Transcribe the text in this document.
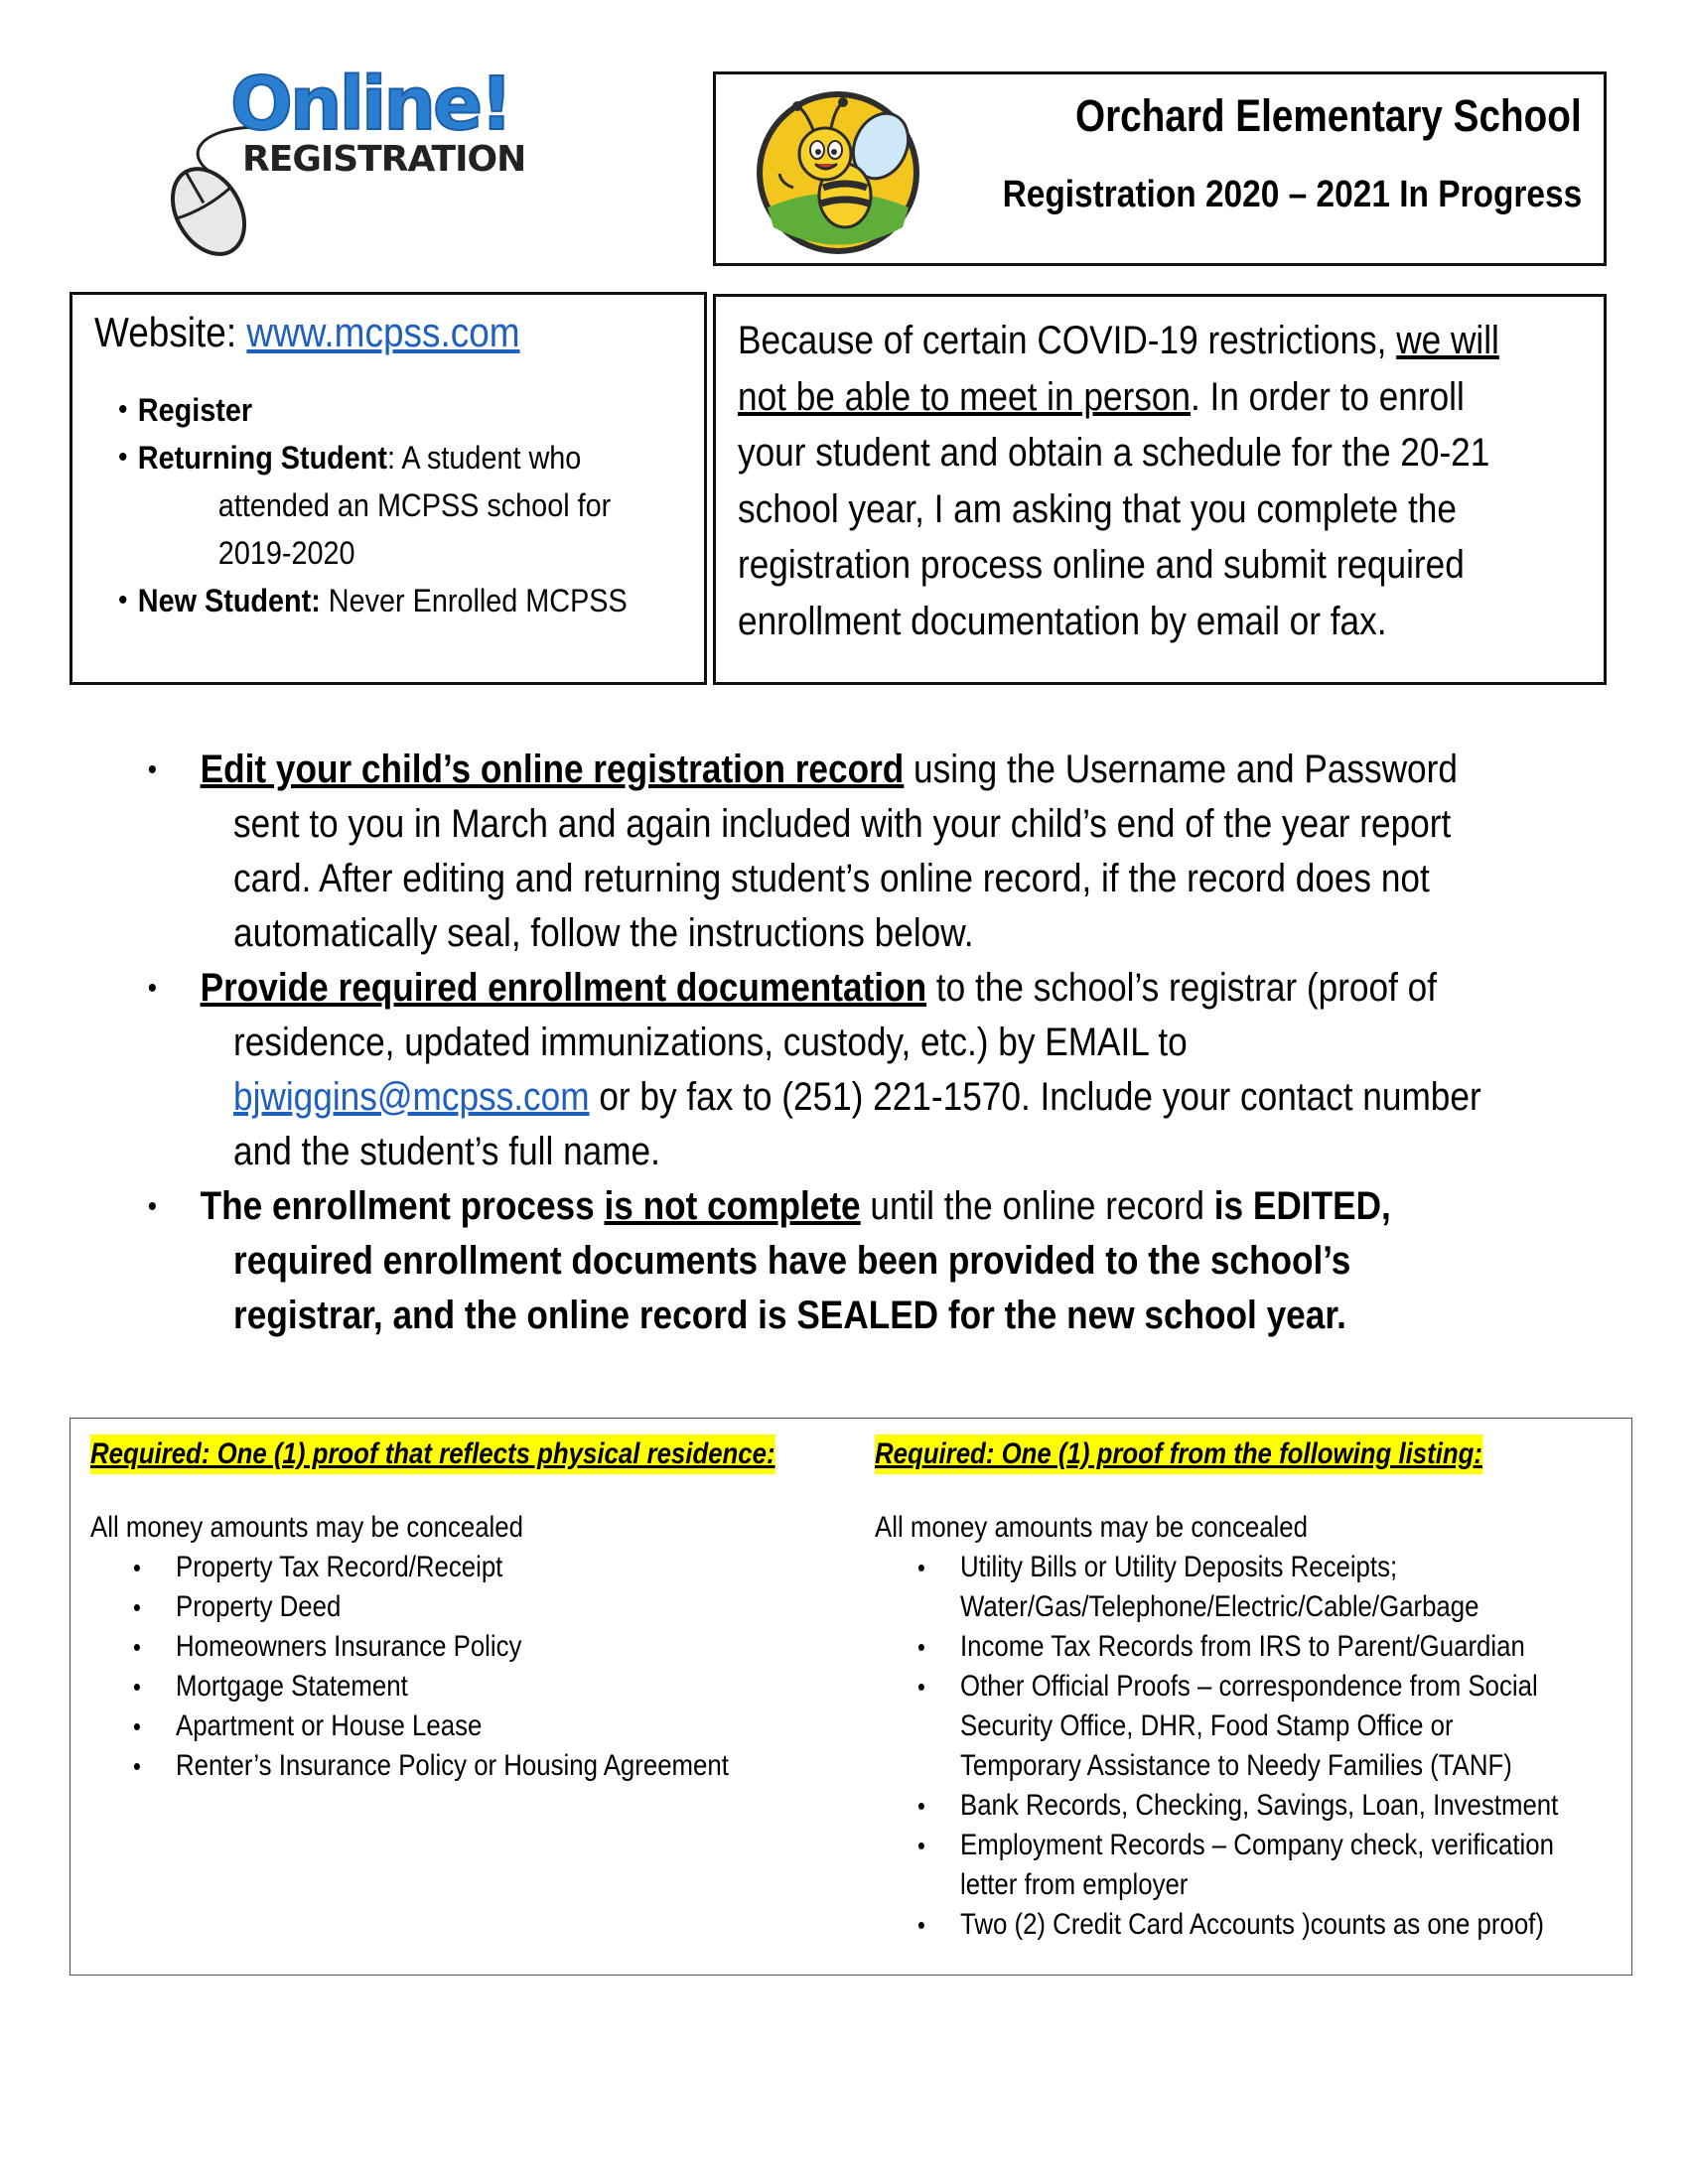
Online!
REGISTRATION
Orchard Elementary School
Registration 2020 – 2021 In Progress
Website: www.mcpss.com
• Register
• Returning Student: A student who
attended an MCPSS school for
2019-2020
• New Student: Never Enrolled MCPSS
Because of certain COVID-19 restrictions, we will
not be able to meet in person. In order to enroll
your student and obtain a schedule for the 20-21
school year, I am asking that you complete the
registration process online and submit required
enrollment documentation by email or fax.
• Edit your child’s online registration record using the Username and Password
sent to you in March and again included with your child’s end of the year report
card. After editing and returning student’s online record, if the record does not
automatically seal, follow the instructions below.
• Provide required enrollment documentation to the school’s registrar (proof of
residence, updated immunizations, custody, etc.) by EMAIL to
bjwiggins@mcpss.com or by fax to (251) 221-1570. Include your contact number
and the student’s full name.
• The enrollment process is not complete until the online record is EDITED,
required enrollment documents have been provided to the school’s
registrar, and the online record is SEALED for the new school year.
Required: One (1) proof that reflects physical residence:
All money amounts may be concealed
• Property Tax Record/Receipt
• Property Deed
• Homeowners Insurance Policy
• Mortgage Statement
• Apartment or House Lease
• Renter’s Insurance Policy or Housing Agreement
Required: One (1) proof from the following listing:
All money amounts may be concealed
• Utility Bills or Utility Deposits Receipts;
Water/Gas/Telephone/Electric/Cable/Garbage
• Income Tax Records from IRS to Parent/Guardian
• Other Official Proofs – correspondence from Social
Security Office, DHR, Food Stamp Office or
Temporary Assistance to Needy Families (TANF)
• Bank Records, Checking, Savings, Loan, Investment
• Employment Records – Company check, verification
letter from employer
• Two (2) Credit Card Accounts )counts as one proof)
